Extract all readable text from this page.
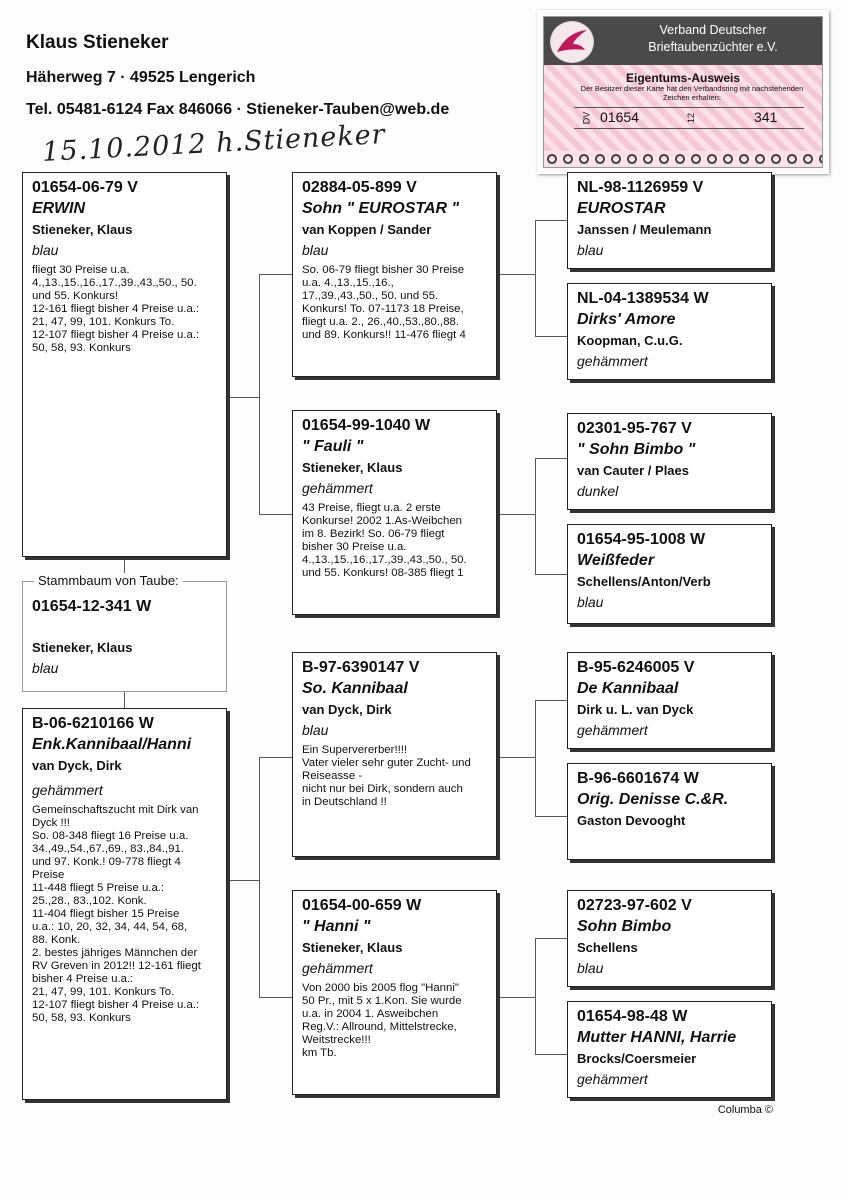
Klaus Stieneker
Häherweg 7 · 49525 Lengerich
Tel. 05481-6124 Fax 846066 · Stieneker-Tauben@web.de
15.10.2012 h.Stieneker
Verband Deutscher
Brieftaubenzüchter e.V.
Eigentums-Ausweis
Der Besitzer dieser Karte hat den Verbandsring mit nachstehenden Zeichen erhalten:
DV 01654	12	341
01654-06-79 V
ERWIN
Stieneker, Klaus
blau
fliegt 30 Preise u.a.
4.,13.,15.,16.,17.,39.,43.,50., 50.
und 55. Konkurs!
12-161 fliegt bisher 4 Preise u.a.:
21, 47, 99, 101. Konkurs To.
12-107 fliegt bisher 4 Preise u.a.:
50, 58, 93. Konkurs
Stammbaum von Taube:
01654-12-341 W
Stieneker, Klaus
blau
B-06-6210166 W
Enk.Kannibaal/Hanni
van Dyck, Dirk
gehämmert
Gemeinschaftszucht mit Dirk van
Dyck !!!
So. 08-348 fliegt 16 Preise u.a.
34.,49.,54.,67.,69., 83.,84.,91.
und 97. Konk.! 09-778 fliegt 4
Preise
11-448 fliegt 5 Preise u.a.:
25.,28., 83.,102. Konk.
11-404 fliegt bisher 15 Preise
u.a.: 10, 20, 32, 34, 44, 54, 68,
88. Konk.
2. bestes jähriges Männchen der
RV Greven in 2012!! 12-161 fliegt
bisher 4 Preise u.a.:
21, 47, 99, 101. Konkurs To.
12-107 fliegt bisher 4 Preise u.a.:
50, 58, 93. Konkurs
02884-05-899 V
Sohn " EUROSTAR "
van Koppen / Sander
blau
So. 06-79 fliegt bisher 30 Preise
u.a. 4.,13.,15.,16.,
17.,39.,43.,50., 50. und 55.
Konkurs! To. 07-1173 18 Preise,
fliegt u.a. 2., 26.,40.,53.,80.,88.
und 89. Konkurs!! 11-476 fliegt 4
01654-99-1040 W
" Fauli "
Stieneker, Klaus
gehämmert
43 Preise, fliegt u.a. 2 erste
Konkurse! 2002 1.As-Weibchen
im 8. Bezirk! So. 06-79 fliegt
bisher 30 Preise u.a.
4.,13.,15.,16.,17.,39.,43.,50., 50.
und 55. Konkurs! 08-385 fliegt 1
B-97-6390147 V
So. Kannibaal
van Dyck, Dirk
blau
Ein Supervererber!!!!
Vater vieler sehr guter Zucht- und
Reiseasse -
nicht nur bei Dirk, sondern auch
in Deutschland !!
01654-00-659 W
" Hanni "
Stieneker, Klaus
gehämmert
Von 2000 bis 2005 flog "Hanni"
50 Pr., mit 5 x 1.Kon. Sie wurde
u.a. in 2004 1. Asweibchen
Reg.V.: Allround, Mittelstrecke,
Weitstrecke!!!
km Tb.
NL-98-1126959 V
EUROSTAR
Janssen / Meulemann
blau
NL-04-1389534 W
Dirks' Amore
Koopman, C.u.G.
gehämmert
02301-95-767 V
" Sohn Bimbo "
van Cauter / Plaes
dunkel
01654-95-1008 W
Weißfeder
Schellens/Anton/Verb
blau
B-95-6246005 V
De Kannibaal
Dirk u. L. van Dyck
gehämmert
B-96-6601674 W
Orig. Denisse C.&R.
Gaston Devooght
02723-97-602 V
Sohn Bimbo
Schellens
blau
01654-98-48 W
Mutter HANNI, Harrie
Brocks/Coersmeier
gehämmert
Columba ©
